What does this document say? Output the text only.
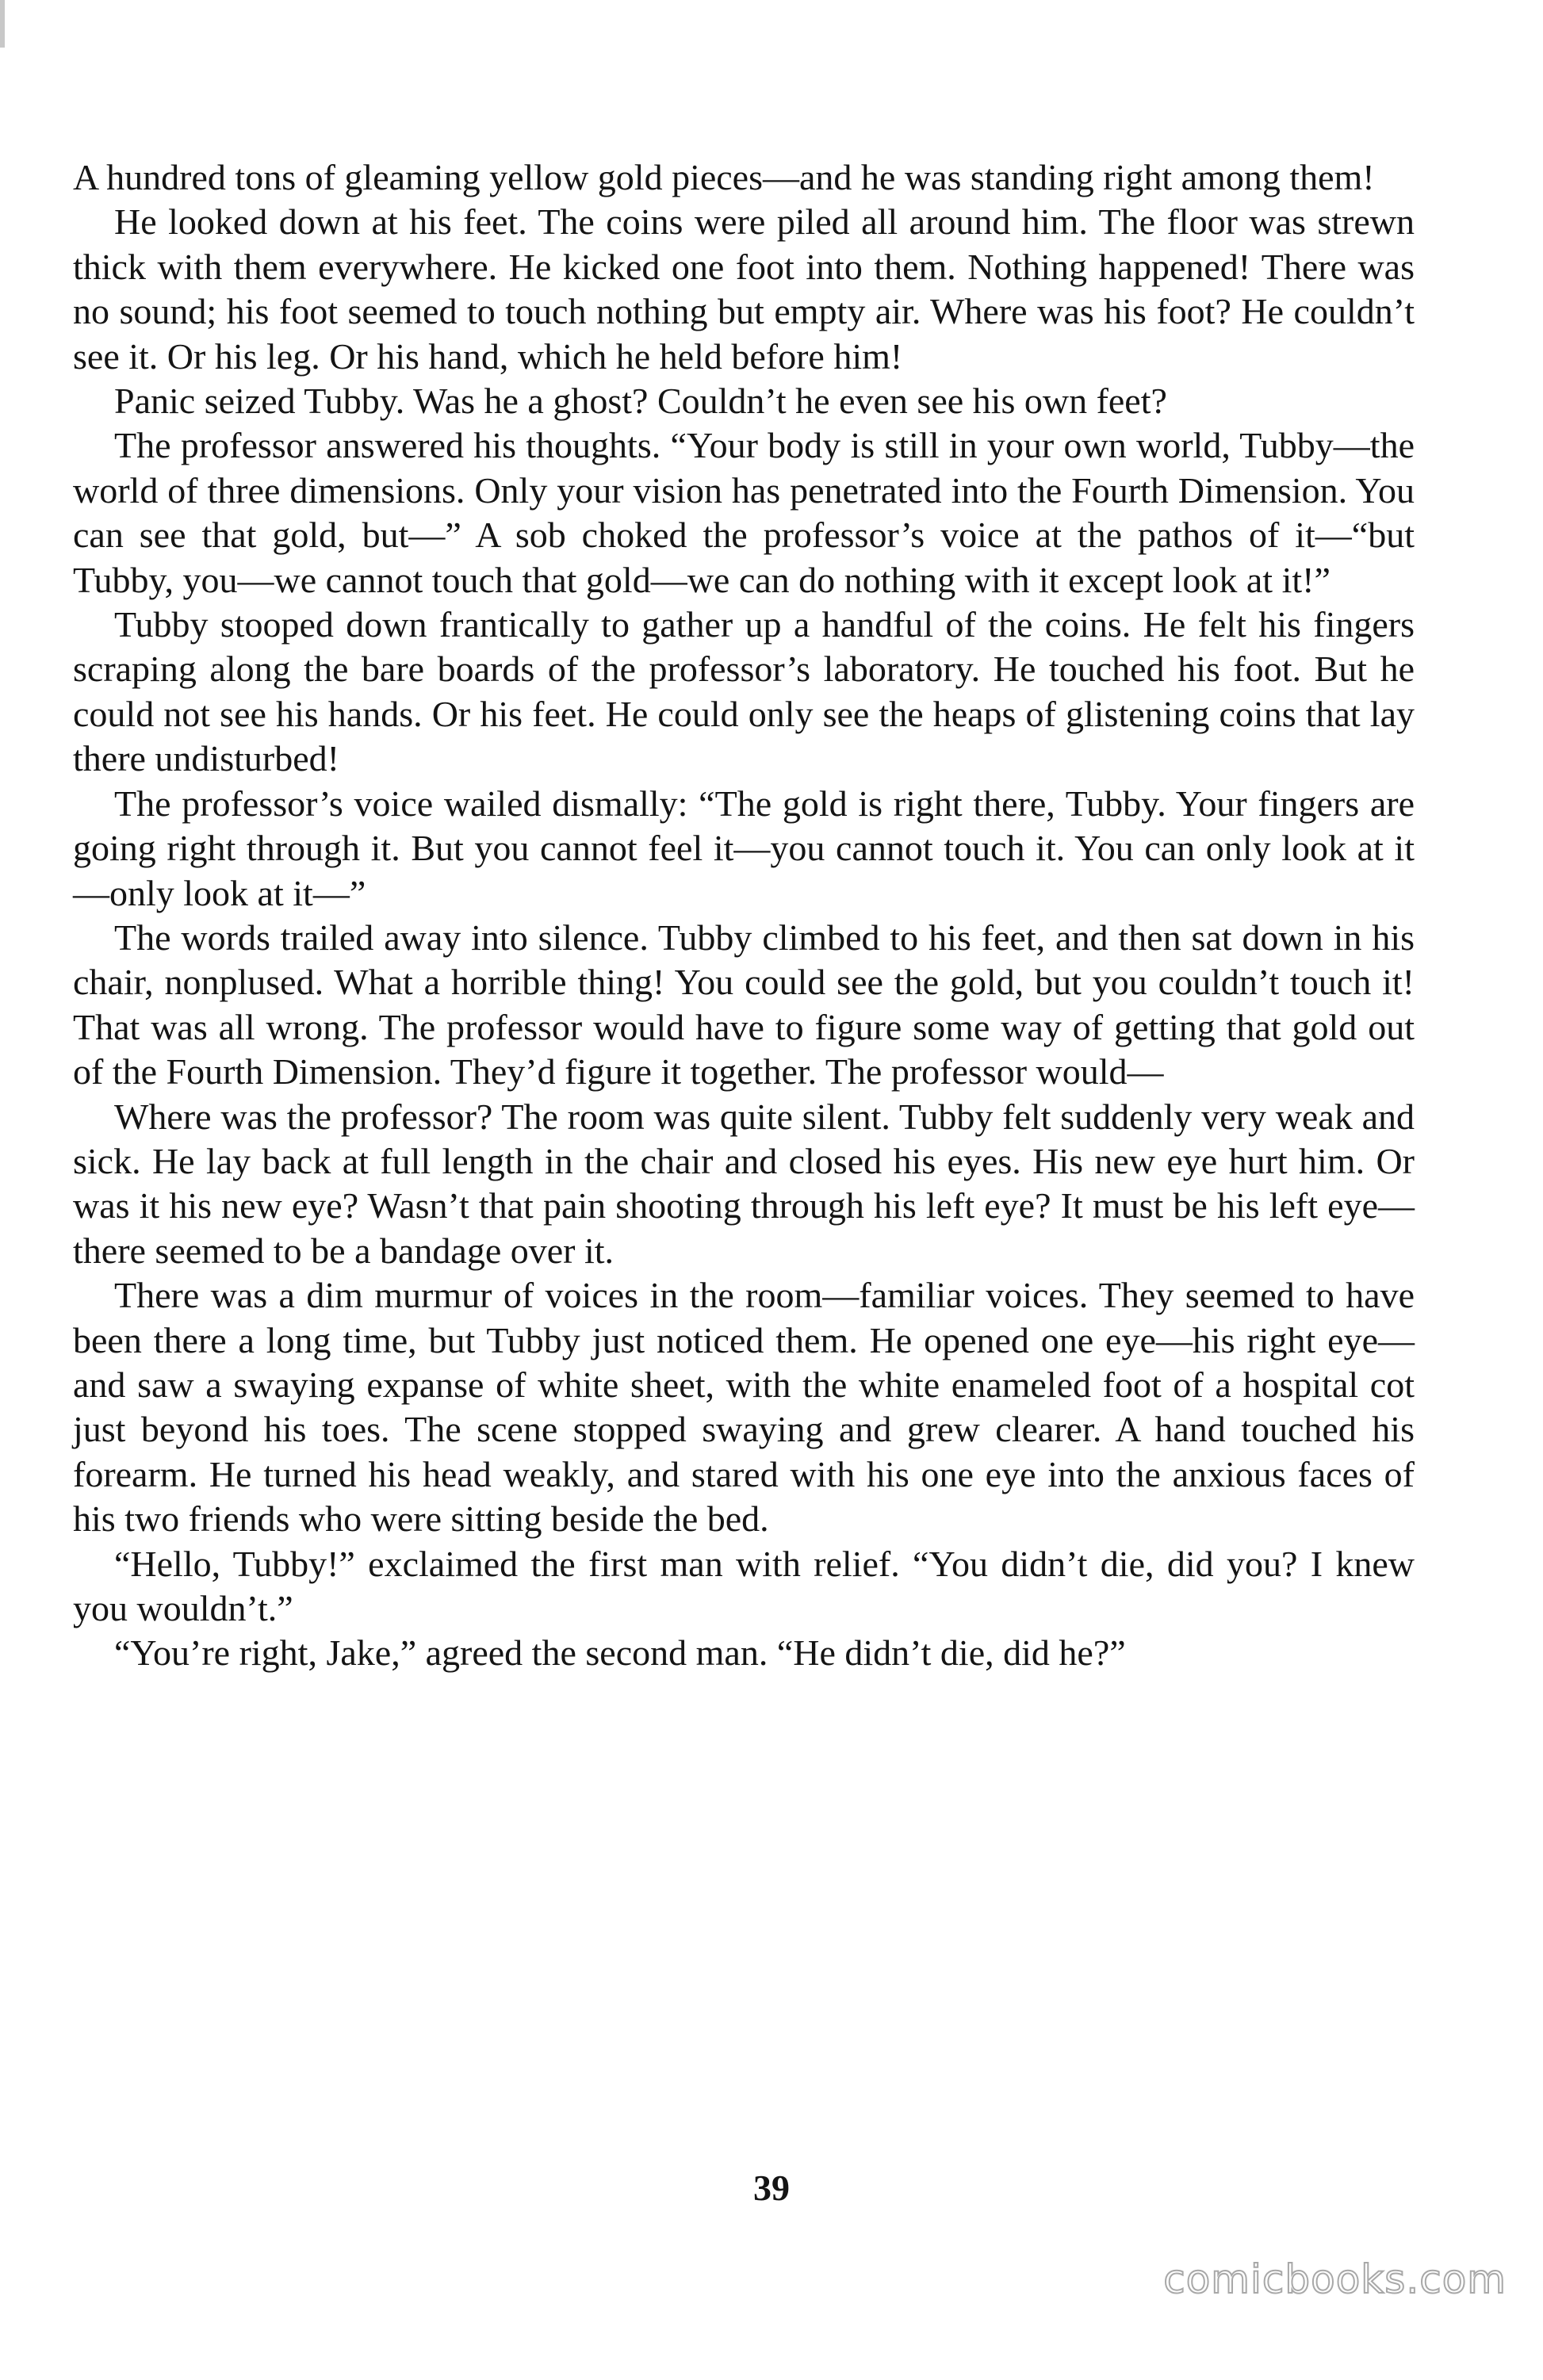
A hundred tons of gleaming yellow gold pieces—and he was standing right among them!

He looked down at his feet. The coins were piled all around him. The floor was strewn thick with them everywhere. He kicked one foot into them. Nothing happened! There was no sound; his foot seemed to touch nothing but empty air. Where was his foot? He couldn’t see it. Or his leg. Or his hand, which he held before him!

Panic seized Tubby. Was he a ghost? Couldn’t he even see his own feet?

The professor answered his thoughts. “Your body is still in your own world, Tubby—the world of three dimensions. Only your vision has penetrated into the Fourth Dimension. You can see that gold, but—” A sob choked the professor’s voice at the pathos of it—“but Tubby, you—we cannot touch that gold—we can do nothing with it except look at it!”

Tubby stooped down frantically to gather up a handful of the coins. He felt his fingers scraping along the bare boards of the professor’s laboratory. He touched his foot. But he could not see his hands. Or his feet. He could only see the heaps of glistening coins that lay there undisturbed!

The professor’s voice wailed dismally: “The gold is right there, Tubby. Your fingers are going right through it. But you cannot feel it—you cannot touch it. You can only look at it—only look at it—”

The words trailed away into silence. Tubby climbed to his feet, and then sat down in his chair, nonplused. What a horrible thing! You could see the gold, but you couldn’t touch it! That was all wrong. The professor would have to figure some way of getting that gold out of the Fourth Dimension. They’d figure it together. The professor would—

Where was the professor? The room was quite silent. Tubby felt suddenly very weak and sick. He lay back at full length in the chair and closed his eyes. His new eye hurt him. Or was it his new eye? Wasn’t that pain shooting through his left eye? It must be his left eye—there seemed to be a bandage over it.

There was a dim murmur of voices in the room—familiar voices. They seemed to have been there a long time, but Tubby just noticed them. He opened one eye—his right eye—and saw a swaying expanse of white sheet, with the white enameled foot of a hospital cot just beyond his toes. The scene stopped swaying and grew clearer. A hand touched his forearm. He turned his head weakly, and stared with his one eye into the anxious faces of his two friends who were sitting beside the bed.

“Hello, Tubby!” exclaimed the first man with relief. “You didn’t die, did you? I knew you wouldn’t.”

“You’re right, Jake,” agreed the second man. “He didn’t die, did he?”

39
comicbooks.com
